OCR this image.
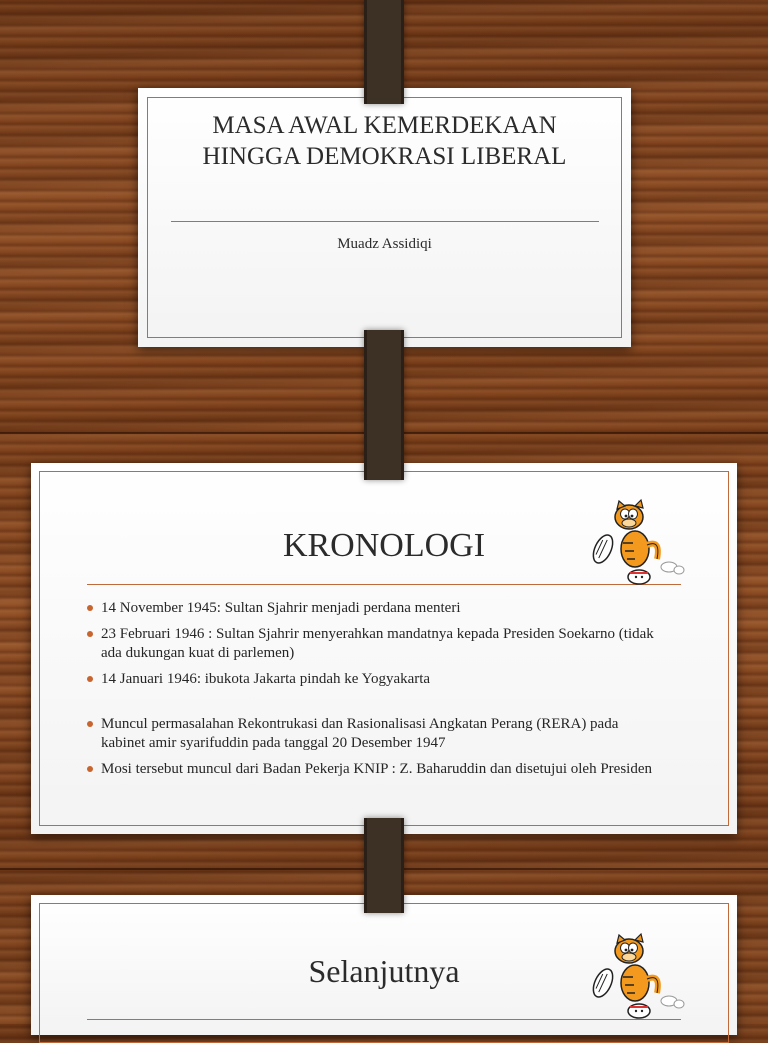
MASA AWAL KEMERDEKAAN HINGGA DEMOKRASI LIBERAL
Muadz Assidiqi
KRONOLOGI
14 November 1945: Sultan Sjahrir menjadi perdana menteri
23 Februari 1946 : Sultan Sjahrir menyerahkan mandatnya kepada Presiden Soekarno (tidak ada dukungan kuat di parlemen)
14 Januari 1946: ibukota Jakarta pindah ke Yogyakarta
Muncul permasalahan Rekontrukasi dan Rasionalisasi Angkatan Perang (RERA) pada kabinet amir syarifuddin pada tanggal 20 Desember 1947
Mosi tersebut muncul dari Badan Pekerja KNIP : Z. Baharuddin dan disetujui oleh Presiden
Selanjutnya
